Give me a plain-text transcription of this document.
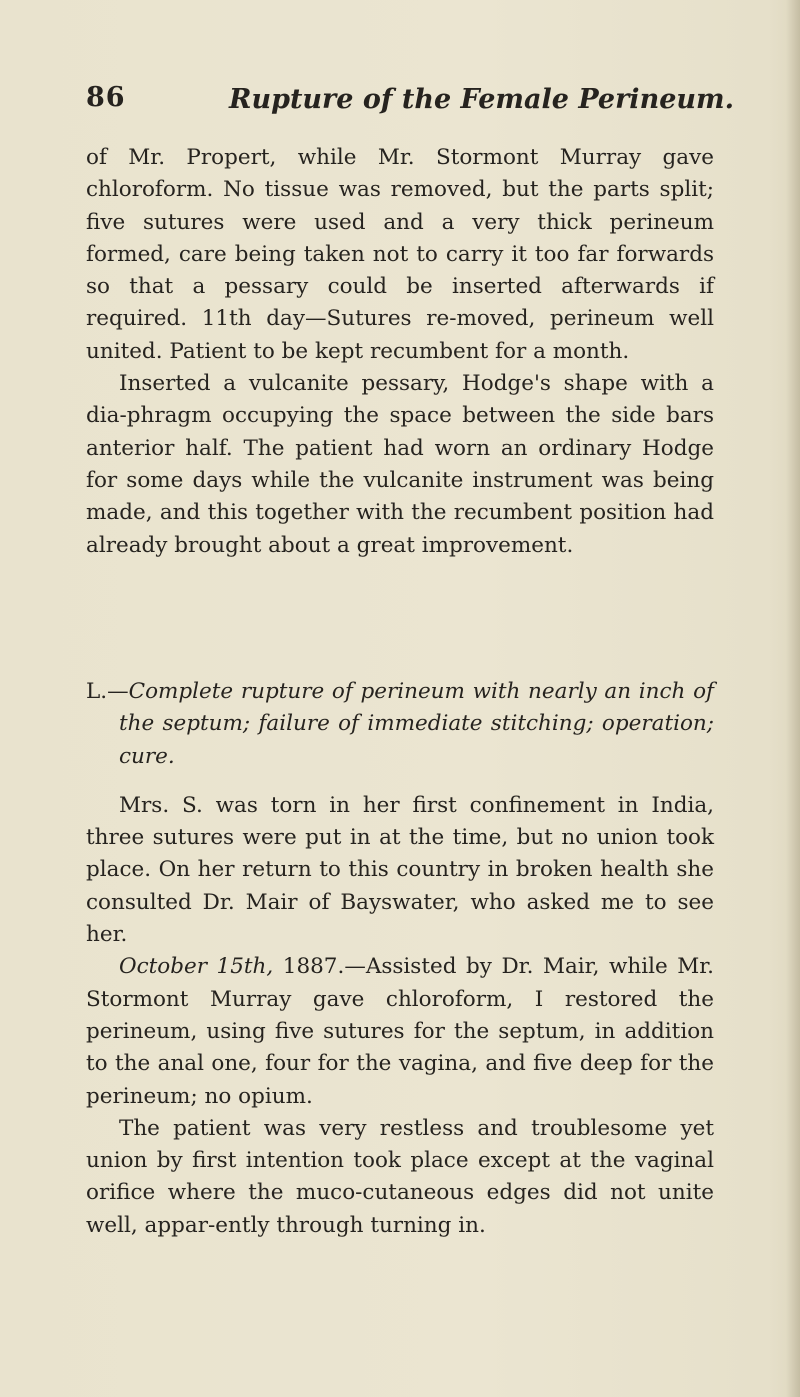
86	Rupture of the Female Perineum.

of Mr. Propert, while Mr. Stormont Murray gave chloroform. No tissue was removed, but the parts split; five sutures were used and a very thick perineum formed, care being taken not to carry it too far forwards so that a pessary could be inserted afterwards if required. 11th day—Sutures re-moved, perineum well united. Patient to be kept recumbent for a month.

Inserted a vulcanite pessary, Hodge's shape with a dia-phragm occupying the space between the side bars anterior half. The patient had worn an ordinary Hodge for some days while the vulcanite instrument was being made, and this together with the recumbent position had already brought about a great improvement.

L.—Complete rupture of perineum with nearly an inch of the septum; failure of immediate stitching; operation; cure.

Mrs. S. was torn in her first confinement in India, three sutures were put in at the time, but no union took place. On her return to this country in broken health she consulted Dr. Mair of Bayswater, who asked me to see her.

October 15th, 1887.—Assisted by Dr. Mair, while Mr. Stormont Murray gave chloroform, I restored the perineum, using five sutures for the septum, in addition to the anal one, four for the vagina, and five deep for the perineum; no opium.

The patient was very restless and troublesome yet union by first intention took place except at the vaginal orifice where the muco-cutaneous edges did not unite well, appar-ently through turning in.
